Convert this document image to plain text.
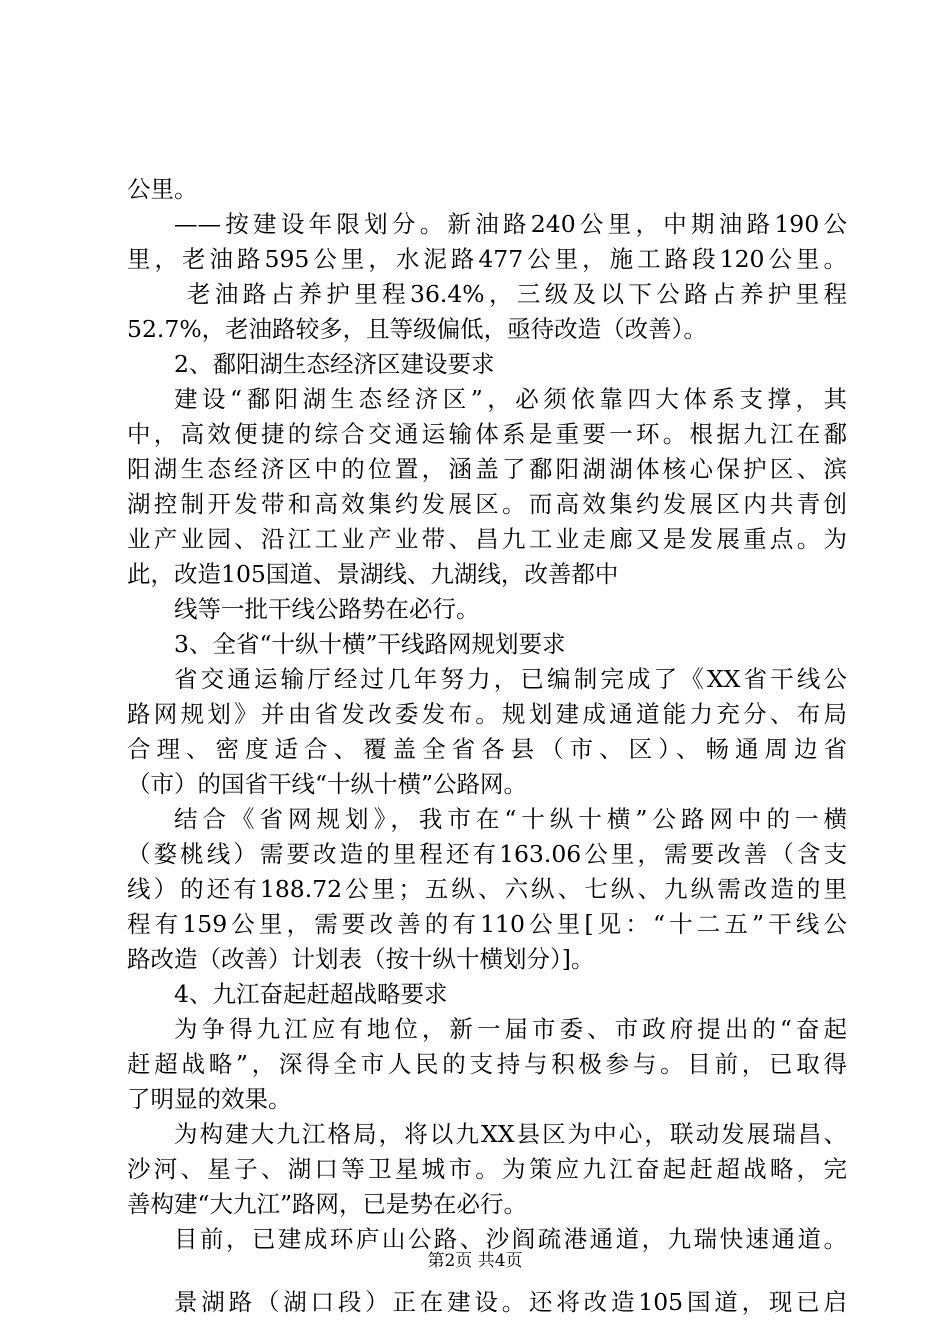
公里。
——按建设年限划分。新油路240公里，中期油路190公
里，老油路595公里，水泥路477公里，施工路段120公里。
老油路占养护里程36.4%，三级及以下公路占养护里程
52.7%，老油路较多，且等级偏低，亟待改造（改善）。
2、鄱阳湖生态经济区建设要求
建设“鄱阳湖生态经济区”，必须依靠四大体系支撑，其
中，高效便捷的综合交通运输体系是重要一环。根据九江在鄱
阳湖生态经济区中的位置，涵盖了鄱阳湖湖体核心保护区、滨
湖控制开发带和高效集约发展区。而高效集约发展区内共青创
业产业园、沿江工业产业带、昌九工业走廊又是发展重点。为
此，改造105国道、景湖线、九湖线，改善都中
线等一批干线公路势在必行。
3、全省“十纵十横”干线路网规划要求
省交通运输厅经过几年努力，已编制完成了《XX省干线公
路网规划》并由省发改委发布。规划建成通道能力充分、布局
合理、密度适合、覆盖全省各县（市、区）、畅通周边省
（市）的国省干线“十纵十横”公路网。
结合《省网规划》，我市在“十纵十横”公路网中的一横
（婺桃线）需要改造的里程还有163.06公里，需要改善（含支
线）的还有188.72公里；五纵、六纵、七纵、九纵需改造的里
程有159公里，需要改善的有110公里[见：“十二五”干线公
路改造（改善）计划表（按十纵十横划分）]。
4、九江奋起赶超战略要求
为争得九江应有地位，新一届市委、市政府提出的“奋起
赶超战略”，深得全市人民的支持与积极参与。目前，已取得
了明显的效果。
为构建大九江格局，将以九XX县区为中心，联动发展瑞昌、
沙河、星子、湖口等卫星城市。为策应九江奋起赶超战略，完
善构建“大九江”路网，已是势在必行。
目前，已建成环庐山公路、沙阎疏港通道，九瑞快速通道。
景湖路（湖口段）正在建设。还将改造105国道，现已启
第2页 共4页
